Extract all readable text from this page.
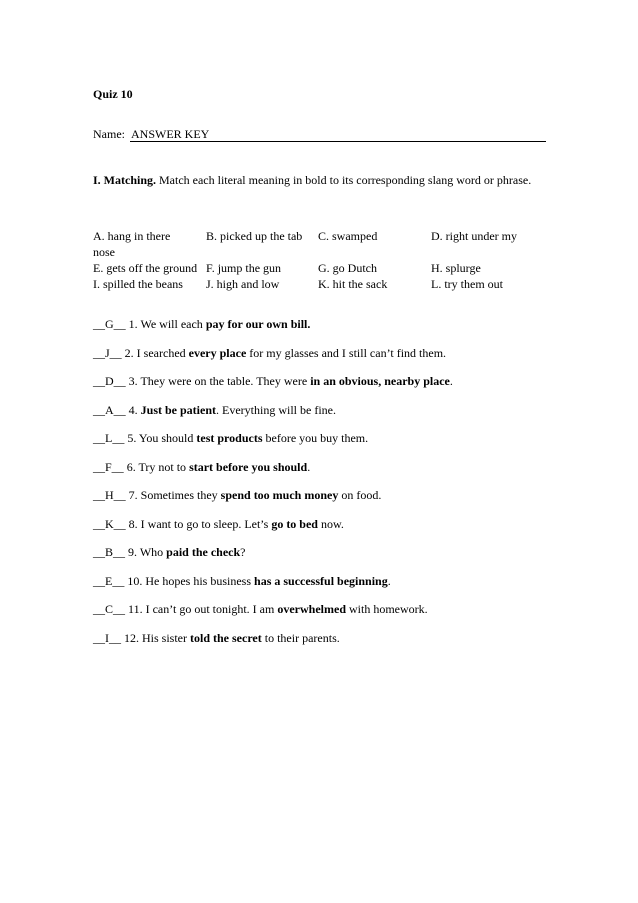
Quiz 10
Name: ANSWER KEY
I. Matching. Match each literal meaning in bold to its corresponding slang word or phrase.
A. hang in there	B. picked up the tab C. swamped	D. right under my
nose
E. gets off the ground F. jump the gun	G. go Dutch	H. splurge
I. spilled the beans J. high and low	K. hit the sack	L. try them out
__G__ 1. We will each pay for our own bill.
__J__ 2. I searched every place for my glasses and I still can’t find them.
__D__ 3. They were on the table. They were in an obvious, nearby place.
__A__ 4. Just be patient. Everything will be fine.
__L__ 5. You should test products before you buy them.
__F__ 6. Try not to start before you should.
__H__ 7. Sometimes they spend too much money on food.
__K__ 8. I want to go to sleep. Let’s go to bed now.
__B__ 9. Who paid the check?
__E__ 10. He hopes his business has a successful beginning.
__C__ 11. I can’t go out tonight. I am overwhelmed with homework.
__I__ 12. His sister told the secret to their parents.
